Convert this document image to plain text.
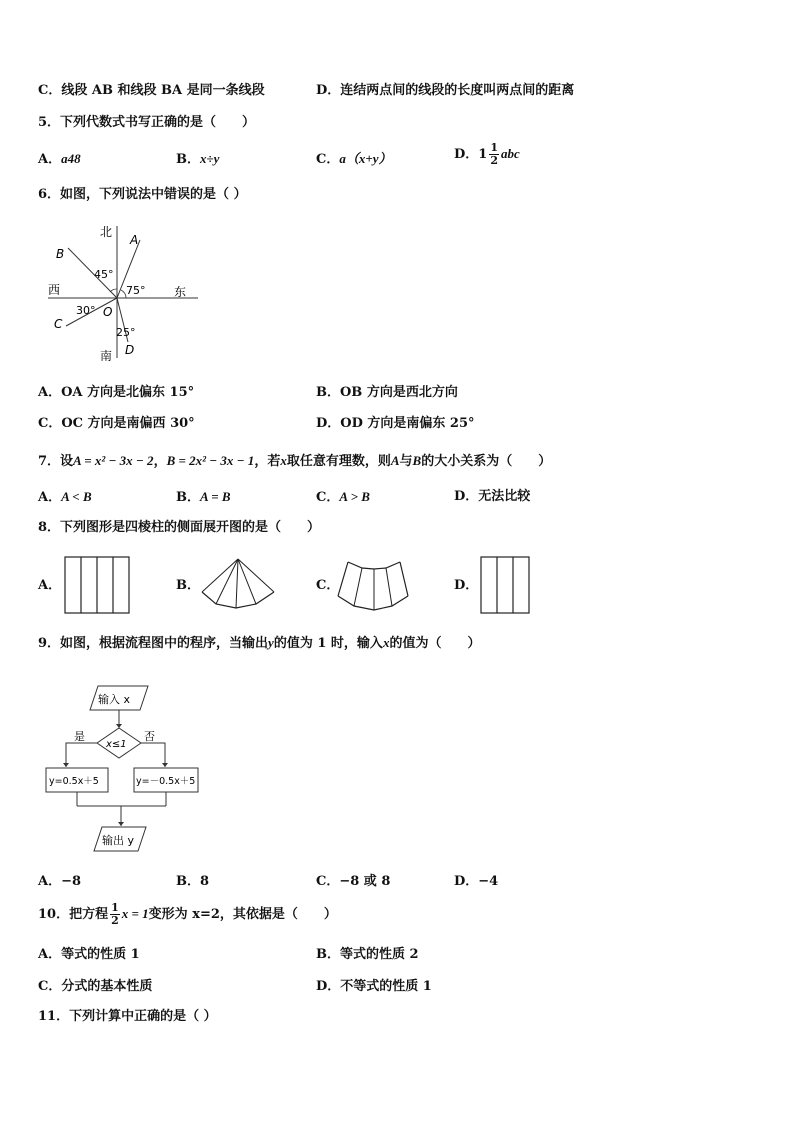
C．线段 AB 和线段 BA 是同一条线段	D．连结两点间的线段的长度叫两点间的距离
5．下列代数式书写正确的是（　　）
A．a48	B．x÷y	C．a（x+y）	D．$1 \frac{1}{2}$ abc
6．如图，下列说法中错误的是（ ）
北
南
西	东
A
B
C
D
O
45°
75°
30°
25°
A．OA 方向是北偏东 15°	B．OB 方向是西北方向
C．OC 方向是南偏西 30°	D．OD 方向是南偏东 25°
7．设A = x² − 3x − 2，B = 2x² − 3x − 1，若x取任意有理数，则A与B的大小关系为（　　）
A．A < B	B．A = B	C．A > B	D．无法比较
8．下列图形是四棱柱的侧面展开图的是（　　）
A．	B．	C．	D．
9．如图，根据流程图中的程序，当输出y的值为 1 时，输入x的值为（　　）
输入 x
x≤1
是	否
y=0.5x＋5	y=－0.5x＋5
输出 y
A．−8	B．8	C．−8 或 8	D．−4
10．把方程 $\frac{1}{2}$ x = 1变形为 x=2，其依据是（　　）
A．等式的性质 1	B．等式的性质 2
C．分式的基本性质	D．不等式的性质 1
11．下列计算中正确的是（ ）
